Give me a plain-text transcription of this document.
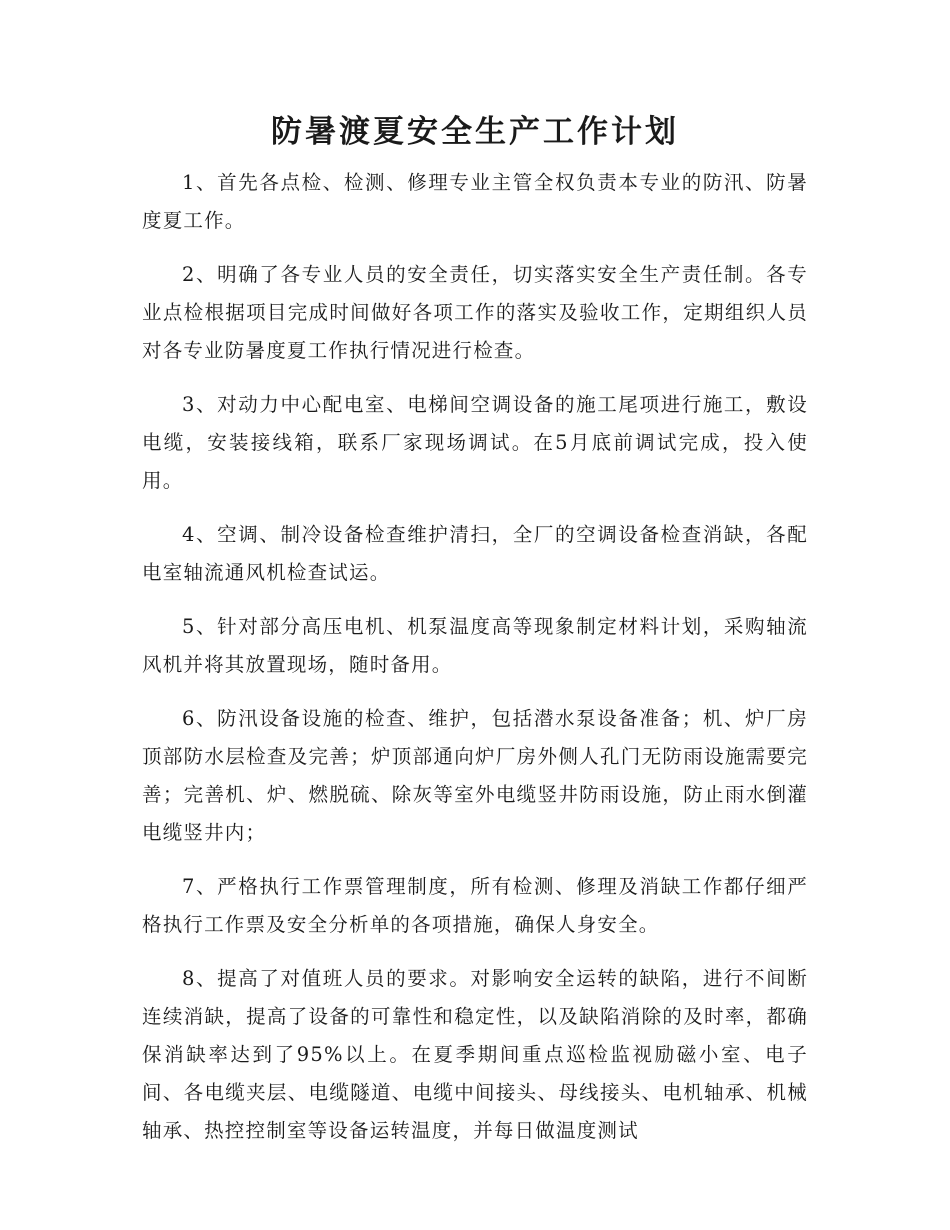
防暑渡夏安全生产工作计划

1、首先各点检、检测、修理专业主管全权负责本专业的防汛、防暑度夏工作。

2、明确了各专业人员的安全责任，切实落实安全生产责任制。各专业点检根据项目完成时间做好各项工作的落实及验收工作，定期组织人员对各专业防暑度夏工作执行情况进行检查。

3、对动力中心配电室、电梯间空调设备的施工尾项进行施工，敷设电缆，安装接线箱，联系厂家现场调试。在5月底前调试完成，投入使用。

4、空调、制冷设备检查维护清扫，全厂的空调设备检查消缺，各配电室轴流通风机检查试运。

5、针对部分高压电机、机泵温度高等现象制定材料计划，采购轴流风机并将其放置现场，随时备用。

6、防汛设备设施的检查、维护，包括潜水泵设备准备；机、炉厂房顶部防水层检查及完善；炉顶部通向炉厂房外侧人孔门无防雨设施需要完善；完善机、炉、燃脱硫、除灰等室外电缆竖井防雨设施，防止雨水倒灌电缆竖井内；

7、严格执行工作票管理制度，所有检测、修理及消缺工作都仔细严格执行工作票及安全分析单的各项措施，确保人身安全。

8、提高了对值班人员的要求。对影响安全运转的缺陷，进行不间断连续消缺，提高了设备的可靠性和稳定性，以及缺陷消除的及时率，都确保消缺率达到了95%以上。在夏季期间重点巡检监视励磁小室、电子间、各电缆夹层、电缆隧道、电缆中间接头、母线接头、电机轴承、机械轴承、热控控制室等设备运转温度，并每日做温度测试
